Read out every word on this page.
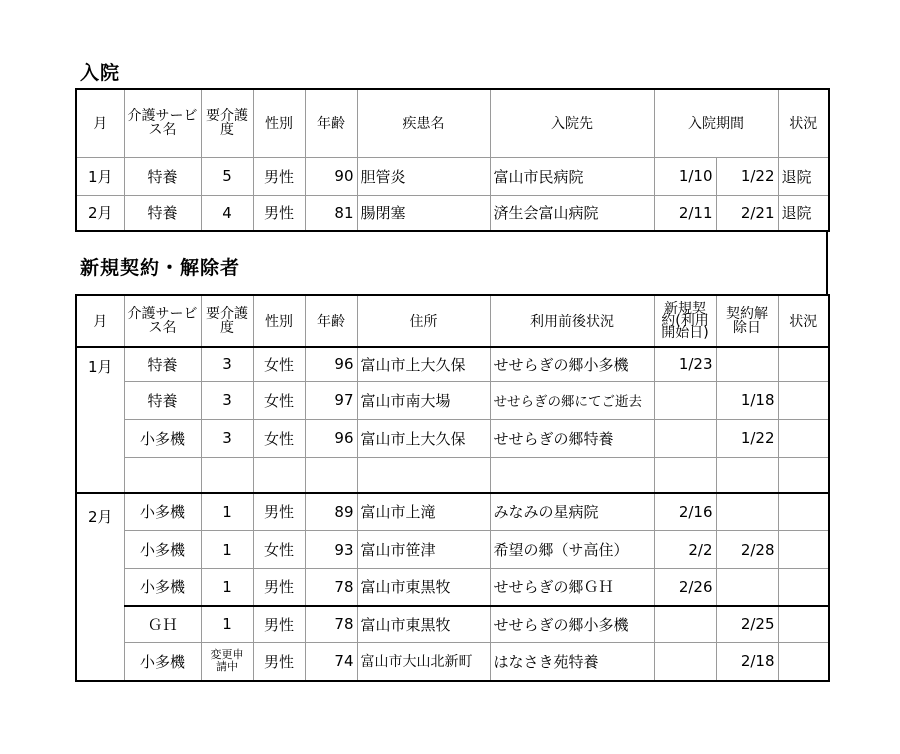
入院
月	介護サービス名	要介護度	性別	年齢	疾患名	入院先	入院期間		状況
1月	特養	5	男性	90	胆管炎	富山市民病院	1/10	1/22	退院
2月	特養	4	男性	81	腸閉塞	済生会富山病院	2/11	2/21	退院
新規契約・解除者
月	介護サービス名	要介護度	性別	年齢	住所	利用前後状況	新規契約(利用開始日)	契約解除日	状況
1月	特養	3	女性	96	富山市上大久保	せせらぎの郷小多機	1/23		
	特養	3	女性	97	富山市南大場	せせらぎの郷にてご逝去		1/18	
	小多機	3	女性	96	富山市上大久保	せせらぎの郷特養		1/22	

2月	小多機	1	男性	89	富山市上滝	みなみの星病院	2/16		
	小多機	1	女性	93	富山市笹津	希望の郷（サ高住）	2/2	2/28	
	小多機	1	男性	78	富山市東黒牧	せせらぎの郷ＧＨ	2/26		
	ＧＨ	1	男性	78	富山市東黒牧	せせらぎの郷小多機		2/25	
	小多機	変更申請中	男性	74	富山市大山北新町	はなさき苑特養		2/18	
